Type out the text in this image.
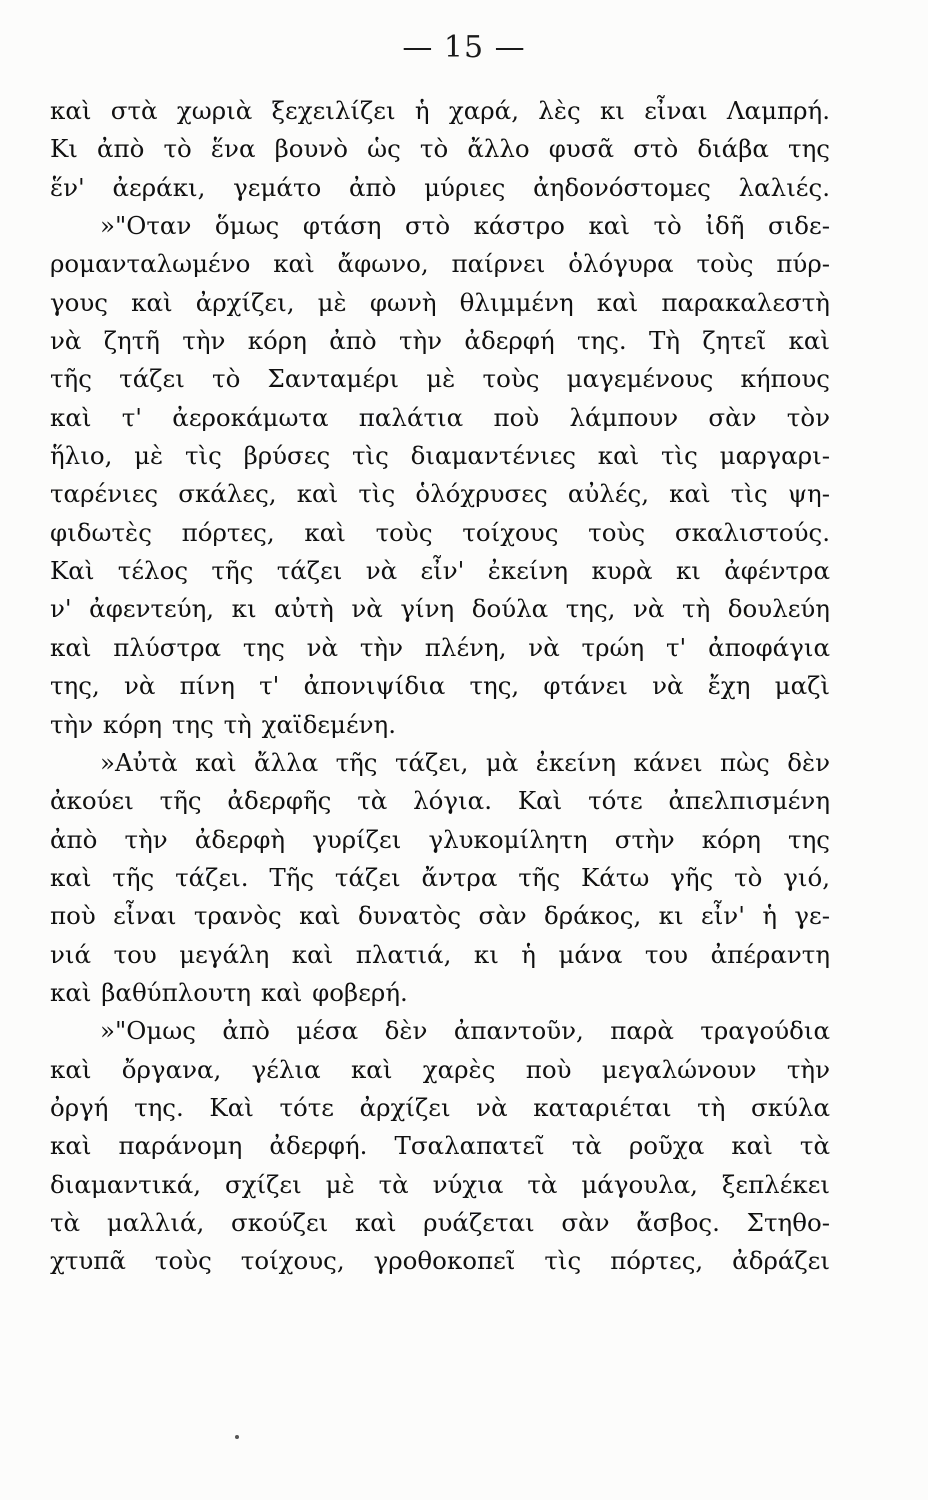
— 15 —
καὶ στὰ χωριὰ ξεχειλίζει ἡ χαρά, λὲς κι εἶναι Λαμπρή.
Κι ἀπὸ τὸ ἕνα βουνὸ ὡς τὸ ἄλλο φυσᾶ στὸ διάβα της
ἕν' ἀεράκι, γεμάτο ἀπὸ μύριες ἀηδονόστομες λαλιές.
»"Οταν ὅμως φτάση στὸ κάστρο καὶ τὸ ἰδῆ σιδε-
ρομανταλωμένο καὶ ἄφωνο, παίρνει ὁλόγυρα τοὺς πύρ-
γους καὶ ἀρχίζει, μὲ φωνὴ θλιμμένη καὶ παρακαλεστὴ
νὰ ζητῆ τὴν κόρη ἀπὸ τὴν ἀδερφή της. Τὴ ζητεῖ καὶ
τῆς τάζει τὸ Σανταμέρι μὲ τοὺς μαγεμένους κήπους
καὶ τ' ἀεροκάμωτα παλάτια ποὺ λάμπουν σὰν τὸν
ἥλιο, μὲ τὶς βρύσες τὶς διαμαντένιες καὶ τὶς μαργαρι-
ταρένιες σκάλες, καὶ τὶς ὁλόχρυσες αὐλές, καὶ τὶς ψη-
φιδωτὲς πόρτες, καὶ τοὺς τοίχους τοὺς σκαλιστούς.
Καὶ τέλος τῆς τάζει νὰ εἶν' ἐκείνη κυρὰ κι ἀφέντρα
ν' ἀφεντεύη, κι αὐτὴ νὰ γίνη δούλα της, νὰ τὴ δουλεύη
καὶ πλύστρα της νὰ τὴν πλένη, νὰ τρώη τ' ἀποφάγια
της, νὰ πίνη τ' ἀπονιψίδια της, φτάνει νὰ ἔχη μαζὶ
τὴν κόρη της τὴ χαϊδεμένη.
»Αὐτὰ καὶ ἄλλα τῆς τάζει, μὰ ἐκείνη κάνει πὼς δὲν
ἀκούει τῆς ἀδερφῆς τὰ λόγια. Καὶ τότε ἀπελπισμένη
ἀπὸ τὴν ἀδερφὴ γυρίζει γλυκομίλητη στὴν κόρη της
καὶ τῆς τάζει. Τῆς τάζει ἄντρα τῆς Κάτω γῆς τὸ γιό,
ποὺ εἶναι τρανὸς καὶ δυνατὸς σὰν δράκος, κι εἶν' ἡ γε-
νιά του μεγάλη καὶ πλατιά, κι ἡ μάνα του ἀπέραντη
καὶ βαθύπλουτη καὶ φοβερή.
»"Ομως ἀπὸ μέσα δὲν ἀπαντοῦν, παρὰ τραγούδια
καὶ ὄργανα, γέλια καὶ χαρὲς ποὺ μεγαλώνουν τὴν
ὀργή της. Καὶ τότε ἀρχίζει νὰ καταριέται τὴ σκύλα
καὶ παράνομη ἀδερφή. Τσαλαπατεῖ τὰ ροῦχα καὶ τὰ
διαμαντικά, σχίζει μὲ τὰ νύχια τὰ μάγουλα, ξεπλέκει
τὰ μαλλιά, σκούζει καὶ ρυάζεται σὰν ἄσβος. Στηθο-
χτυπᾶ τοὺς τοίχους, γροθοκοπεῖ τὶς πόρτες, ἀδράζει
